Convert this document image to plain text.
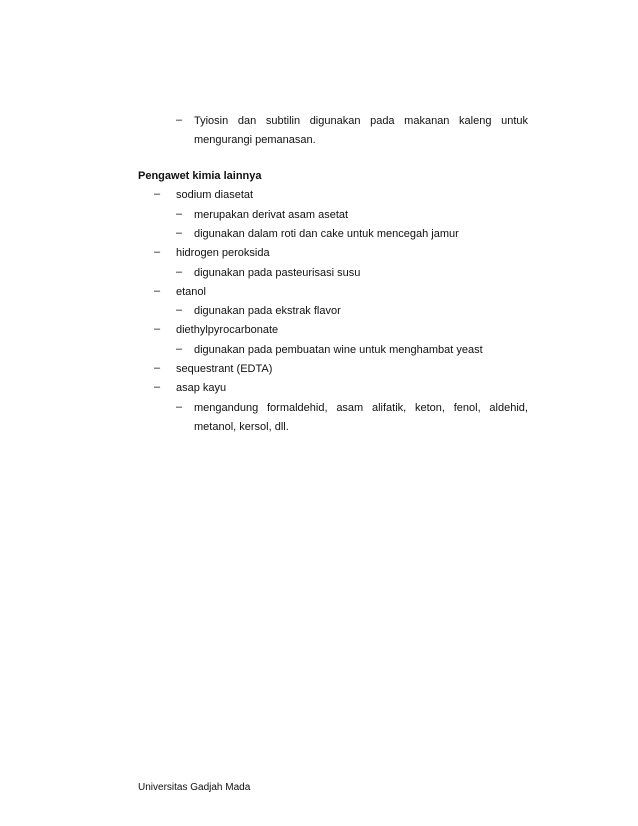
– Tyiosin dan subtilin digunakan pada makanan kaleng untuk
mengurangi pemanasan.
Pengawet kimia lainnya
– sodium diasetat
– merupakan derivat asam asetat
– digunakan dalam roti dan cake untuk mencegah jamur
– hidrogen peroksida
– digunakan pada pasteurisasi susu
– etanol
– digunakan pada ekstrak flavor
– diethylpyrocarbonate
– digunakan pada pembuatan wine untuk menghambat yeast
– sequestrant (EDTA)
– asap kayu
– mengandung formaldehid, asam alifatik, keton, fenol, aldehid,
metanol, kersol, dll.
Universitas Gadjah Mada
